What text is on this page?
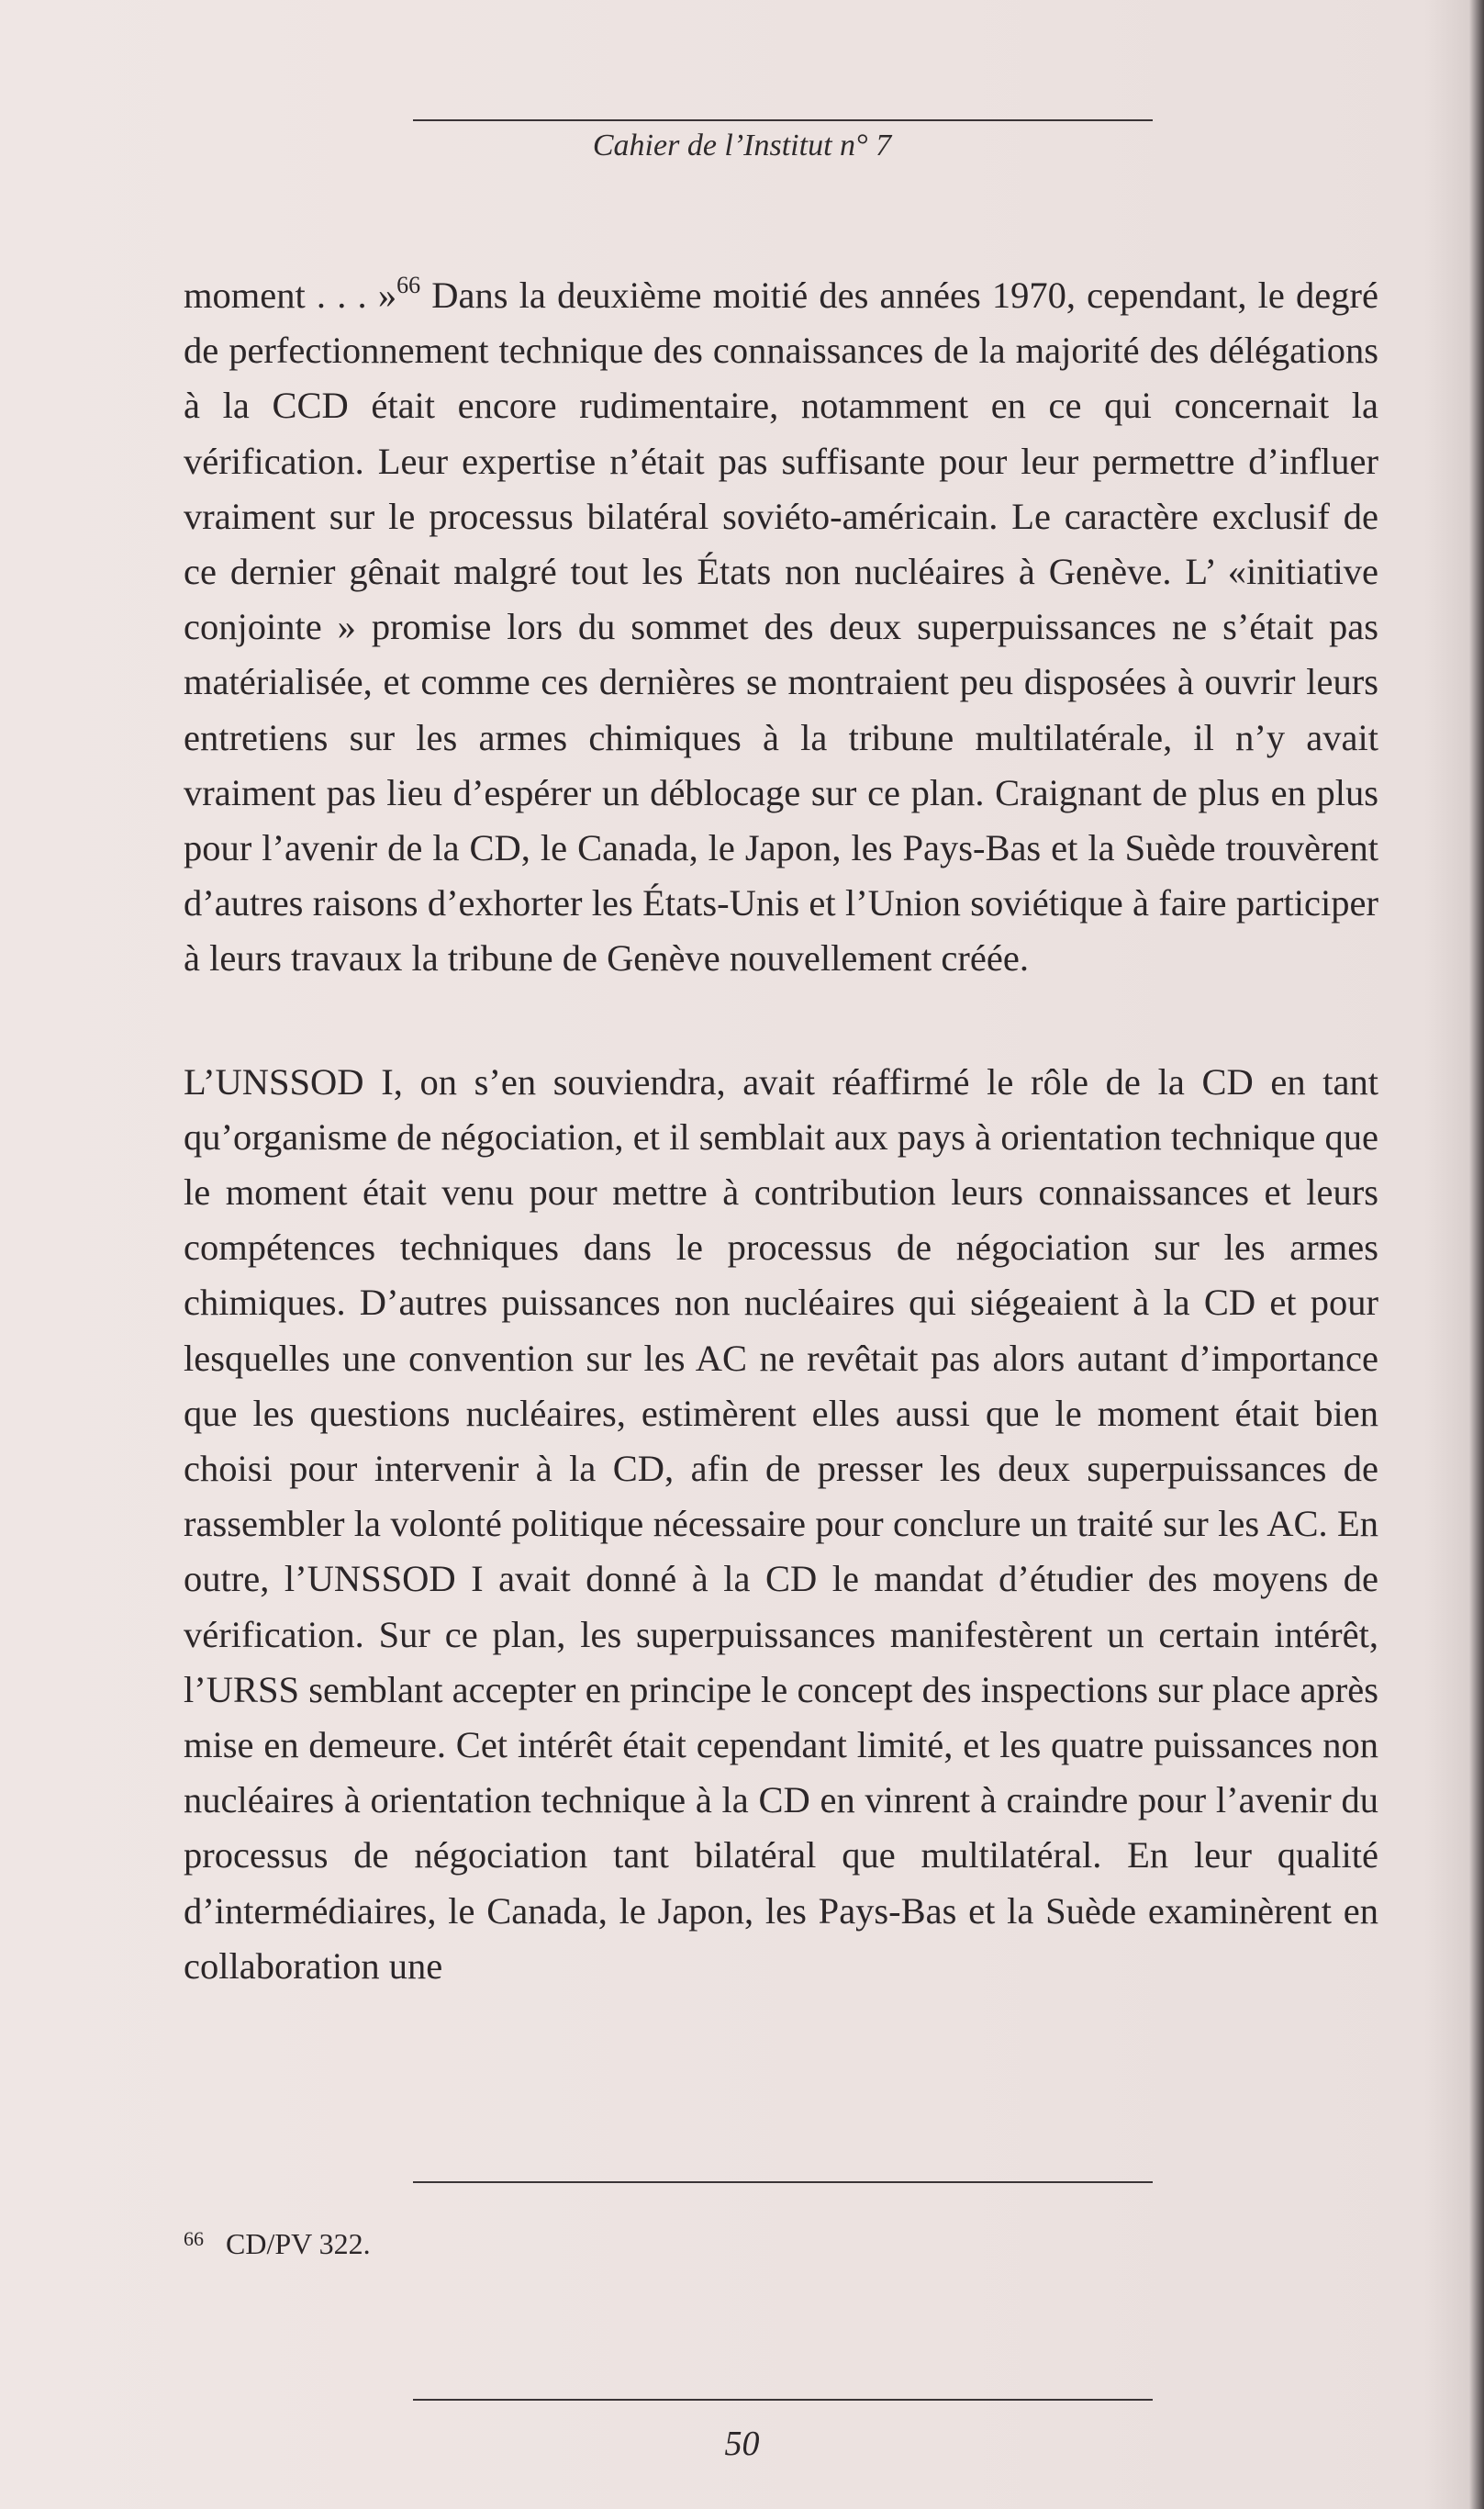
Cahier de l’Institut n° 7

moment . . . »$^{66}$ Dans la deuxième moitié des années 1970, cependant, le degré de perfectionnement technique des connaissances de la majorité des délégations à la CCD était encore rudimentaire, notamment en ce qui concernait la vérification. Leur expertise n’était pas suffisante pour leur permettre d’influer vraiment sur le processus bilatéral soviéto-américain. Le caractère exclusif de ce dernier gênait malgré tout les États non nucléaires à Genève. L’ «initiative conjointe » promise lors du sommet des deux superpuissances ne s’était pas matérialisée, et comme ces dernières se montraient peu disposées à ouvrir leurs entretiens sur les armes chimiques à la tribune multilatérale, il n’y avait vraiment pas lieu d’espérer un déblocage sur ce plan. Craignant de plus en plus pour l’avenir de la CD, le Canada, le Japon, les Pays-Bas et la Suède trouvèrent d’autres raisons d’exhorter les États-Unis et l’Union soviétique à faire participer à leurs travaux la tribune de Genève nouvellement créée.

L’UNSSOD I, on s’en souviendra, avait réaffirmé le rôle de la CD en tant qu’organisme de négociation, et il semblait aux pays à orientation technique que le moment était venu pour mettre à contribution leurs connaissances et leurs compétences techniques dans le processus de négociation sur les armes chimiques. D’autres puissances non nucléaires qui siégeaient à la CD et pour lesquelles une convention sur les AC ne revêtait pas alors autant d’importance que les questions nucléaires, estimèrent elles aussi que le moment était bien choisi pour intervenir à la CD, afin de presser les deux superpuissances de rassembler la volonté politique nécessaire pour conclure un traité sur les AC. En outre, l’UNSSOD I avait donné à la CD le mandat d’étudier des moyens de vérification. Sur ce plan, les superpuissances manifestèrent un certain intérêt, l’URSS semblant accepter en principe le concept des inspections sur place après mise en demeure. Cet intérêt était cependant limité, et les quatre puissances non nucléaires à orientation technique à la CD en vinrent à craindre pour l’avenir du processus de négociation tant bilatéral que multilatéral. En leur qualité d’intermédiaires, le Canada, le Japon, les Pays-Bas et la Suède examinèrent en collaboration une

$^{66}$ CD/PV 322.
50
